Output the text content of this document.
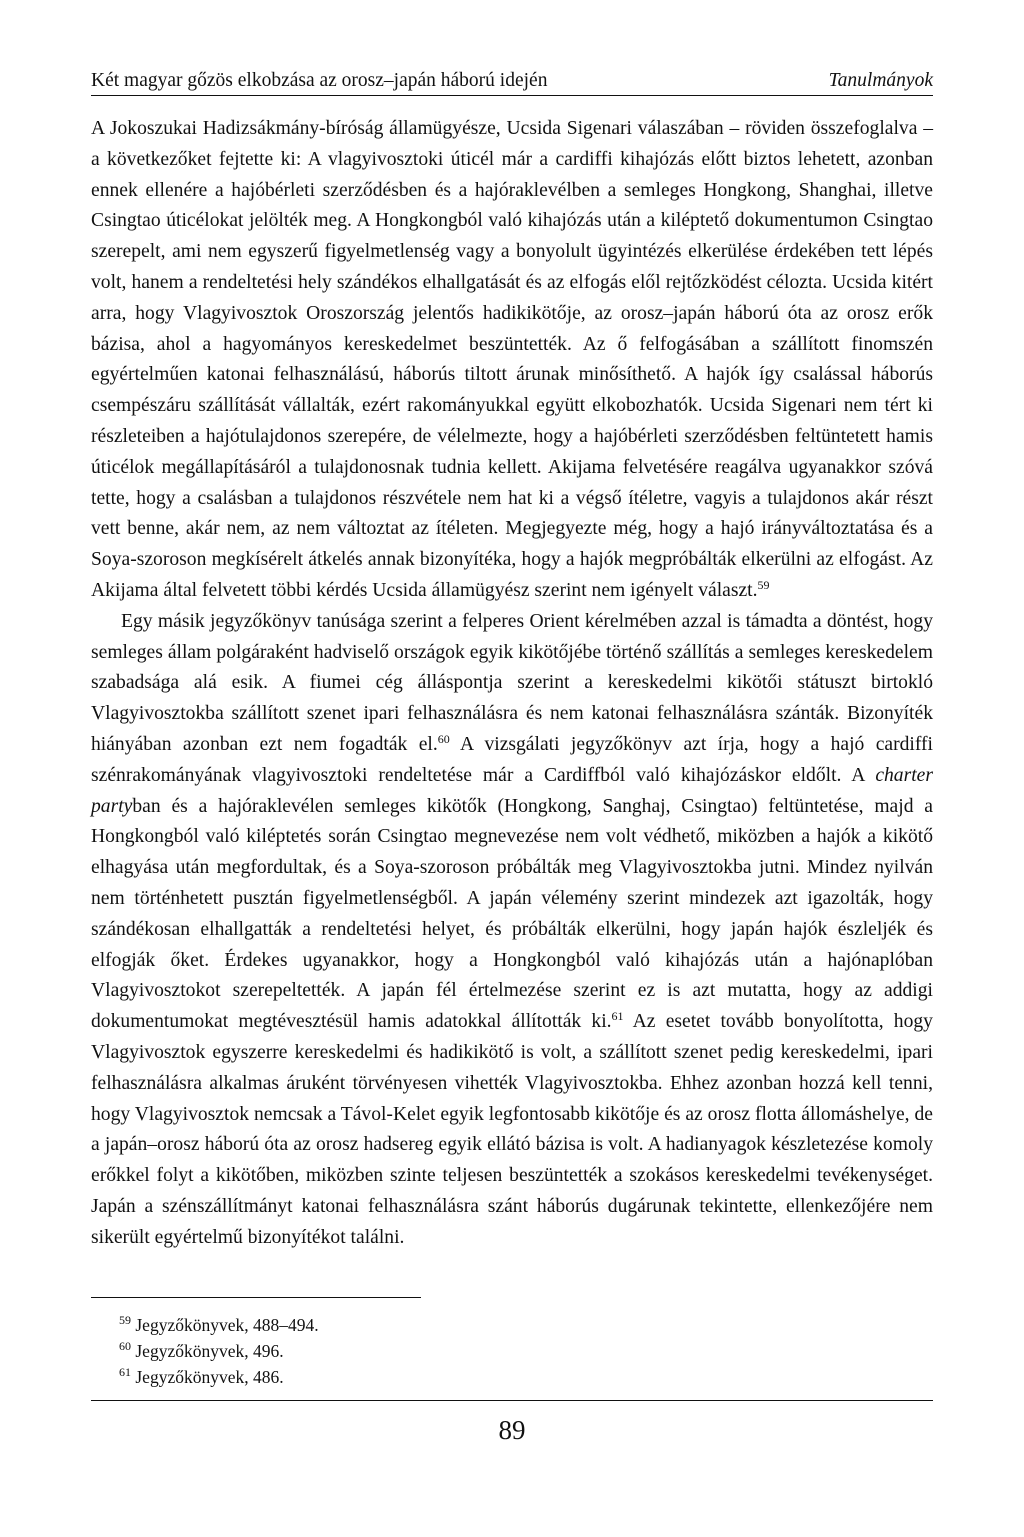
Két magyar gőzös elkobzása az orosz–japán háború idején	Tanulmányok

A Jokoszukai Hadizsákmány-bíróság államügyésze, Ucsida Sigenari válaszában – röviden összefoglalva – a következőket fejtette ki: A vlagyivosztoki úticél már a cardiffi kihajózás előtt biztos lehetett, azonban ennek ellenére a hajóbérleti szerződésben és a hajóraklevélben a semleges Hongkong, Shanghai, illetve Csingtao úticélokat jelölték meg. A Hongkongból való kihajózás után a kiléptető dokumentumon Csingtao szerepelt, ami nem egyszerű figyelmetlenség vagy a bonyolult ügyintézés elkerülése érdekében tett lépés volt, hanem a rendeltetési hely szándékos elhallgatását és az elfogás elől rejtőzködést célozta. Ucsida kitért arra, hogy Vlagyivosztok Oroszország jelentős hadikikötője, az orosz–japán háború óta az orosz erők bázisa, ahol a hagyományos kereskedelmet beszüntették. Az ő felfogásában a szállított finomszén egyértelműen katonai felhasználású, háborús tiltott árunak minősíthető. A hajók így csalással háborús csempészáru szállítását vállalták, ezért rakományukkal együtt elkobozhatók. Ucsida Sigenari nem tért ki részleteiben a hajótulajdonos szerepére, de vélelmezte, hogy a hajóbérleti szerződésben feltüntetett hamis úticélok megállapításáról a tulajdonosnak tudnia kellett. Akijama felvetésére reagálva ugyanakkor szóvá tette, hogy a csalásban a tulajdonos részvétele nem hat ki a végső ítéletre, vagyis a tulajdonos akár részt vett benne, akár nem, az nem változtat az ítéleten. Megjegyezte még, hogy a hajó irányváltoztatása és a Soya-szoroson megkísérelt átkelés annak bizonyítéka, hogy a hajók megpróbálták elkerülni az elfogást. Az Akijama által felvetett többi kérdés Ucsida államügyész szerint nem igényelt választ.$^{59}$

Egy másik jegyzőkönyv tanúsága szerint a felperes Orient kérelmében azzal is támadta a döntést, hogy semleges állam polgáraként hadviselő országok egyik kikötőjébe történő szállítás a semleges kereskedelem szabadsága alá esik. A fiumei cég álláspontja szerint a kereskedelmi kikötői státuszt birtokló Vlagyivosztokba szállított szenet ipari felhasználásra és nem katonai felhasználásra szánták. Bizonyíték hiányában azonban ezt nem fogadták el.$^{60}$ A vizsgálati jegyzőkönyv azt írja, hogy a hajó cardiffi szénrakományának vlagyivosztoki rendeltetése már a Cardiffból való kihajózáskor eldőlt. A charter partyban és a hajóraklevélen semleges kikötők (Hongkong, Sanghaj, Csingtao) feltüntetése, majd a Hongkongból való kiléptetés során Csingtao megnevezése nem volt védhető, miközben a hajók a kikötő elhagyása után megfordultak, és a Soya-szoroson próbálták meg Vlagyivosztokba jutni. Mindez nyilván nem történhetett pusztán figyelmetlenségből. A japán vélemény szerint mindezek azt igazolták, hogy szándékosan elhallgatták a rendeltetési helyet, és próbálták elkerülni, hogy japán hajók észleljék és elfogják őket. Érdekes ugyanakkor, hogy a Hongkongból való kihajózás után a hajónaplóban Vlagyivosztokot szerepeltették. A japán fél értelmezése szerint ez is azt mutatta, hogy az addigi dokumentumokat megtévesztésül hamis adatokkal állították ki.$^{61}$ Az esetet tovább bonyolította, hogy Vlagyivosztok egyszerre kereskedelmi és hadikikötő is volt, a szállított szenet pedig kereskedelmi, ipari felhasználásra alkalmas áruként törvényesen vihették Vlagyivosztokba. Ehhez azonban hozzá kell tenni, hogy Vlagyivosztok nemcsak a Távol-Kelet egyik legfontosabb kikötője és az orosz flotta állomáshelye, de a japán–orosz háború óta az orosz hadsereg egyik ellátó bázisa is volt. A hadianyagok készletezése komoly erőkkel folyt a kikötőben, miközben szinte teljesen beszüntették a szokásos kereskedelmi tevékenységet. Japán a szénszállítmányt katonai felhasználásra szánt háborús dugárunak tekintette, ellenkezőjére nem sikerült egyértelmű bizonyítékot találni.

$^{59}$ Jegyzőkönyvek, 488–494.
$^{60}$ Jegyzőkönyvek, 496.
$^{61}$ Jegyzőkönyvek, 486.
89
